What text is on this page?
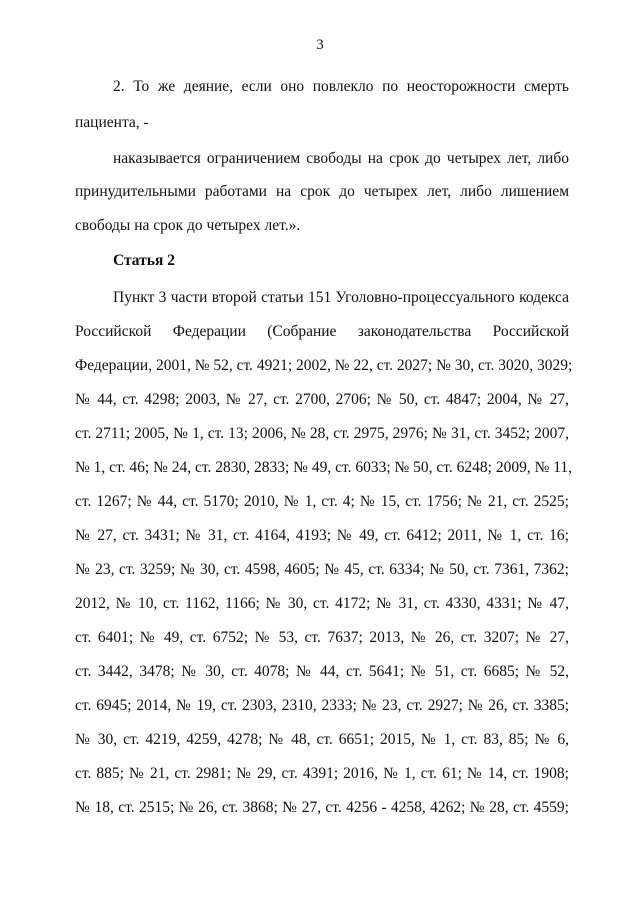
3
2. То же деяние, если оно повлекло по неосторожности смерть
пациента, -
наказывается ограничением свободы на срок до четырех лет, либо
принудительными работами на срок до четырех лет, либо лишением
свободы на срок до четырех лет.».
Статья 2
Пункт 3 части второй статьи 151 Уголовно-процессуального кодекса
Российской Федерации (Собрание законодательства Российской
Федерации, 2001, № 52, ст. 4921; 2002, № 22, ст. 2027; № 30, ст. 3020, 3029;
№ 44, ст. 4298; 2003, № 27, ст. 2700, 2706; № 50, ст. 4847; 2004, № 27,
ст. 2711; 2005, № 1, ст. 13; 2006, № 28, ст. 2975, 2976; № 31, ст. 3452; 2007,
№ 1, ст. 46; № 24, ст. 2830, 2833; № 49, ст. 6033; № 50, ст. 6248; 2009, № 11,
ст. 1267; № 44, ст. 5170; 2010, № 1, ст. 4; № 15, ст. 1756; № 21, ст. 2525;
№ 27, ст. 3431; № 31, ст. 4164, 4193; № 49, ст. 6412; 2011, № 1, ст. 16;
№ 23, ст. 3259; № 30, ст. 4598, 4605; № 45, ст. 6334; № 50, ст. 7361, 7362;
2012, № 10, ст. 1162, 1166; № 30, ст. 4172; № 31, ст. 4330, 4331; № 47,
ст. 6401; № 49, ст. 6752; № 53, ст. 7637; 2013, № 26, ст. 3207; № 27,
ст. 3442, 3478; № 30, ст. 4078; № 44, ст. 5641; № 51, ст. 6685; № 52,
ст. 6945; 2014, № 19, ст. 2303, 2310, 2333; № 23, ст. 2927; № 26, ст. 3385;
№ 30, ст. 4219, 4259, 4278; № 48, ст. 6651; 2015, № 1, ст. 83, 85; № 6,
ст. 885; № 21, ст. 2981; № 29, ст. 4391; 2016, № 1, ст. 61; № 14, ст. 1908;
№ 18, ст. 2515; № 26, ст. 3868; № 27, ст. 4256 - 4258, 4262; № 28, ст. 4559;
